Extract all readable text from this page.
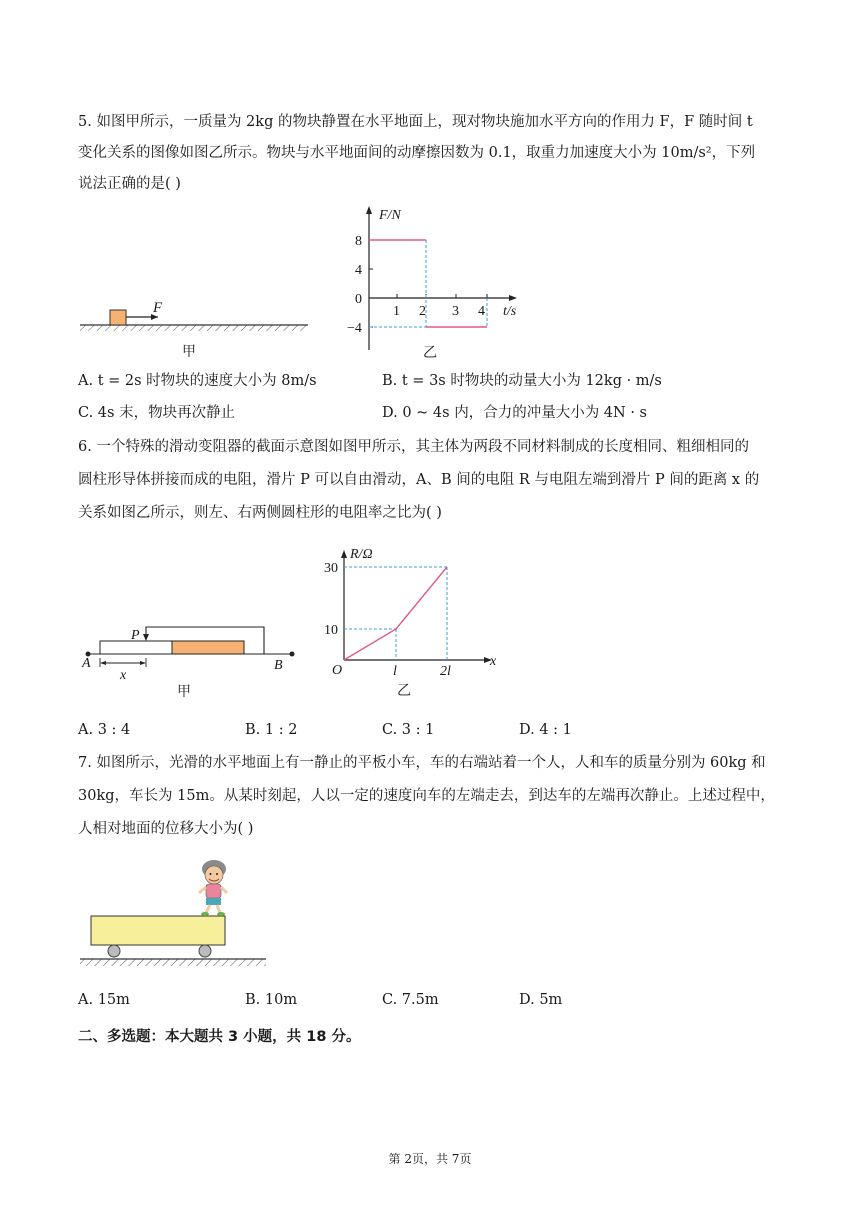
5. 如图甲所示，一质量为 2kg 的物块静置在水平地面上，现对物块施加水平方向的作用力 F，F 随时间 t
变化关系的图像如图乙所示。物块与水平地面间的动摩擦因数为 0.1，取重力加速度大小为 10m/s²，下列
说法正确的是( )
F
甲
F/N
8
4
0
−4
1 2 3 4 t/s
乙
A. t = 2s 时物块的速度大小为 8m/s	B. t = 3s 时物块的动量大小为 12kg · m/s
C. 4s 末，物块再次静止	D. 0 ~ 4s 内，合力的冲量大小为 4N · s
6. 一个特殊的滑动变阻器的截面示意图如图甲所示，其主体为两段不同材料制成的长度相同、粗细相同的
圆柱形导体拼接而成的电阻，滑片 P 可以自由滑动，A、B 间的电阻 R 与电阻左端到滑片 P 间的距离 x 的
关系如图乙所示，则左、右两侧圆柱形的电阻率之比为( )
P
A	B
x
甲
R/Ω
30
10
O	l	2l
x
乙
A. 3 : 4	B. 1 : 2	C. 3 : 1	D. 4 : 1
7. 如图所示，光滑的水平地面上有一静止的平板小车，车的右端站着一个人，人和车的质量分别为 60kg 和
30kg，车长为 15m。从某时刻起，人以一定的速度向车的左端走去，到达车的左端再次静止。上述过程中，
人相对地面的位移大小为( )
A. 15m	B. 10m	C. 7.5m	D. 5m
二、多选题：本大题共 3 小题，共 18 分。
第 2页，共 7页
